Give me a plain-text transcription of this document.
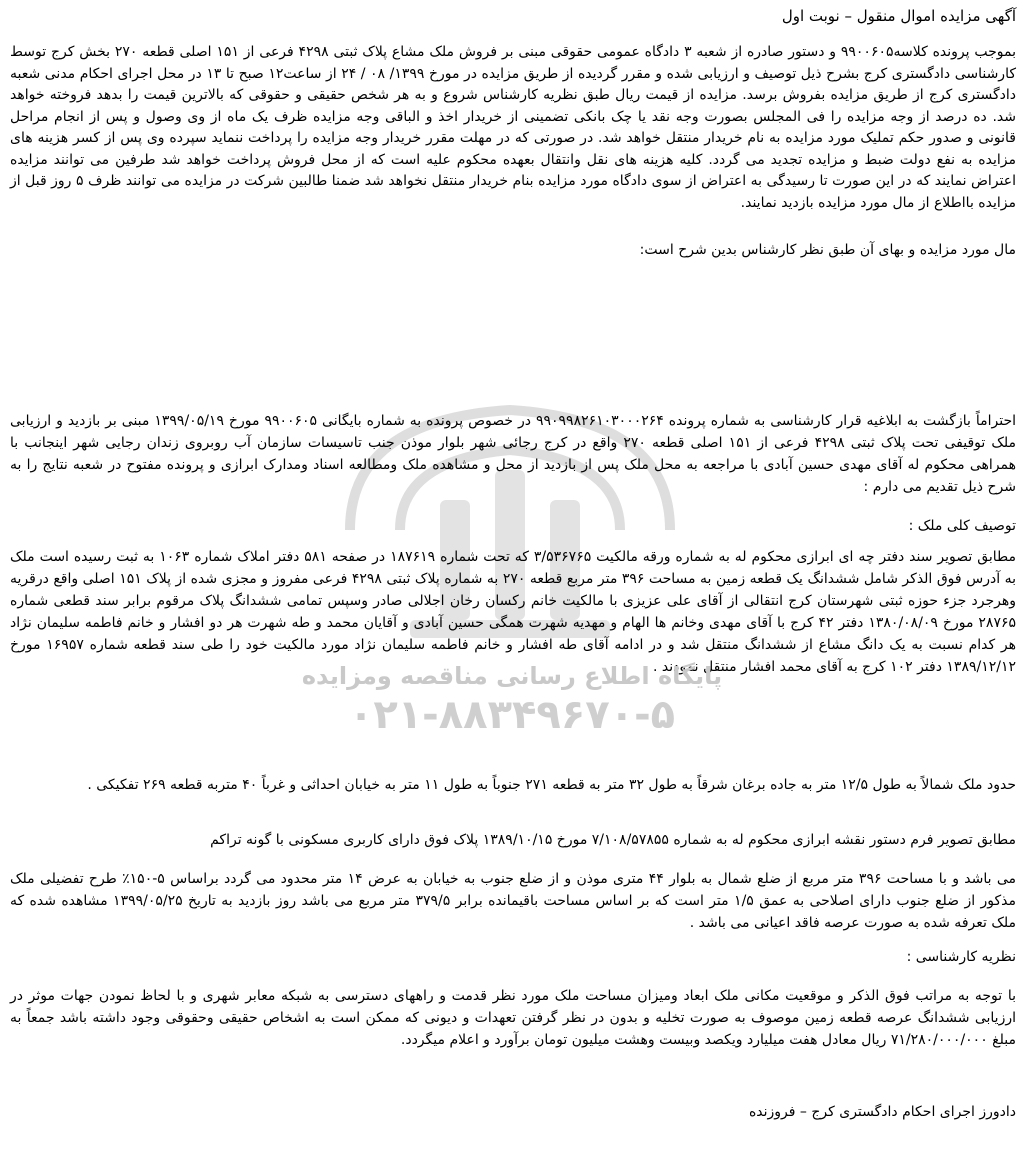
آگهی مزایده اموال منقول – نوبت اول

بموجب پرونده کلاسه۹۹۰۰۶۰۵ و دستور صادره از شعبه ۳ دادگاه عمومی حقوقی مبنی بر فروش ملک مشاع پلاک ثبتی ۴۲۹۸ فرعی از ۱۵۱ اصلی قطعه ۲۷۰ بخش کرج توسط کارشناسی دادگستری کرج بشرح ذیل توصیف و ارزیابی شده و مقرر گردیده از طریق مزایده در مورخ ۱۳۹۹/ ۰۸ / ۲۴ از ساعت۱۲ صبح تا ۱۳ در محل اجرای احکام مدنی شعبه دادگستری کرج از طریق مزایده بفروش برسد. مزایده از قیمت ریال طبق نظریه کارشناس شروع و به هر شخص حقیقی و حقوقی که بالاترین قیمت را بدهد فروخته خواهد شد. ده درصد از وجه مزایده را فی المجلس بصورت وجه نقد یا چک بانکی تضمینی از خریدار اخذ و الباقی وجه مزایده ظرف یک ماه از وی وصول و پس از انجام مراحل قانونی و صدور حکم تملیک مورد مزایده به نام خریدار منتقل خواهد شد. در صورتی که در مهلت مقرر خریدار وجه مزایده را پرداخت ننماید سپرده وی پس از کسر هزینه های مزایده به نفع دولت ضبط و مزایده تجدید می گردد. کلیه هزینه های نقل وانتقال بعهده محکوم علیه است که از محل فروش پرداخت خواهد شد طرفین می توانند مزایده اعتراض نمایند که در این صورت تا رسیدگی به اعتراض از سوی دادگاه مورد مزایده بنام خریدار منتقل نخواهد شد ضمنا طالبین شرکت در مزایده می توانند ظرف ۵ روز قبل از مزایده بااطلاع از مال مورد مزایده بازدید نمایند.

مال مورد مزایده و بهای آن طبق نظر کارشناس بدین شرح است:

احتراماً بازگشت به ابلاغیه قرار کارشناسی به شماره پرونده ۹۹۰۹۹۸۲۶۱۰۳۰۰۰۲۶۴ در خصوص پرونده به شماره بایگانی ۹۹۰۰۶۰۵ مورخ ۱۳۹۹/۰۵/۱۹ مبنی بر بازدید و ارزیابی ملک توقیفی تحت پلاک ثبتی ۴۲۹۸ فرعی از ۱۵۱ اصلی قطعه ۲۷۰ واقع در کرج رجائی شهر بلوار موذن جنب تاسیسات سازمان آب روبروی زندان رجایی شهر اینجانب با همراهی محکوم له آقای مهدی حسین آبادی با مراجعه به محل ملک پس از بازدید از محل و مشاهده ملک ومطالعه اسناد ومدارک ابرازی و پرونده مفتوح در شعبه نتایج را به شرح ذیل تقدیم می دارم :

توصیف کلی ملک :

مطابق تصویر سند دفتر چه ای ابرازی محکوم له به شماره ورقه مالکیت ۳/۵۳۶۷۶۵ که تحت شماره ۱۸۷۶۱۹ در صفحه ۵۸۱ دفتر املاک شماره ۱۰۶۳ به ثبت رسیده است ملک به آدرس فوق الذکر شامل ششدانگ یک قطعه زمین به مساحت ۳۹۶ متر مربع قطعه ۲۷۰ به شماره پلاک ثبتی ۴۲۹۸ فرعی مفروز و مجزی شده از پلاک ۱۵۱ اصلی واقع درقریه وهرجرد جزء حوزه ثبتی شهرستان کرج انتقالی از آقای علی عزیزی با مالکیت خانم رکسان رخان اجلالی صادر وسپس تمامی ششدانگ پلاک مرقوم برابر سند قطعی شماره ۲۸۷۶۵ مورخ ۱۳۸۰/۰۸/۰۹ دفتر ۴۲ کرج با آقای مهدی وخانم ها الهام و مهدیه شهرت همگی حسین آبادی و آقایان محمد و طه شهرت هر دو افشار و خانم فاطمه سلیمان نژاد هر کدام نسبت به یک دانگ مشاع از ششدانگ منتقل شد و در ادامه آقای طه افشار و خانم فاطمه سلیمان نژاد مورد مالکیت خود را طی سند قطعه شماره ۱۶۹۵۷ مورخ ۱۳۸۹/۱۲/۱۲ دفتر ۱۰۲ کرج به آقای محمد افشار منتقل نمودند .

پایگاه اطلاع رسانی مناقصه ومزایده
۰۲۱-۸۸۳۴۹۶۷۰-۵

حدود ملک شمالاً به طول ۱۲/۵ متر به جاده برغان شرقاً به طول ۳۲ متر به قطعه ۲۷۱ جنوباً به طول ۱۱ متر به خیابان احداثی و غرباً ۴۰ متربه قطعه ۲۶۹ تفکیکی .

مطابق تصویر فرم دستور نقشه ابرازی محکوم له به شماره ۷/۱۰۸/۵۷۸۵۵ مورخ ۱۳۸۹/۱۰/۱۵ پلاک فوق دارای کاربری مسکونی با گونه تراکم

می باشد و با مساحت ۳۹۶ متر مربع از ضلع شمال به بلوار ۴۴ متری موذن و از ضلع جنوب به خیابان به عرض ۱۴ متر محدود می گردد براساس ۵-۱۵۰٪ طرح تفضیلی ملک مذکور از ضلع جنوب دارای اصلاحی به عمق ۱/۵ متر است که بر اساس مساحت باقیمانده برابر ۳۷۹/۵ متر مربع می باشد روز بازدید به تاریخ ۱۳۹۹/۰۵/۲۵ مشاهده شده که ملک تعرفه شده به صورت عرصه فاقد اعیانی می باشد .

نظریه کارشناسی :

با توجه به مراتب فوق الذکر و موقعیت مکانی ملک ابعاد ومیزان مساحت ملک مورد نظر قدمت و راههای دسترسی به شبکه معابر شهری و با لحاظ نمودن جهات موثر در ارزیابی ششدانگ عرصه قطعه زمین موصوف به صورت تخلیه و بدون در نظر گرفتن تعهدات و دیونی که ممکن است به اشخاص حقیقی وحقوقی وجود داشته باشد جمعاً به مبلغ ۷۱/۲۸۰/۰۰۰/۰۰۰ ریال معادل هفت میلیارد ویکصد وبیست وهشت میلیون تومان برآورد و اعلام میگردد.

دادورز اجرای احکام دادگستری کرج – فروزنده
